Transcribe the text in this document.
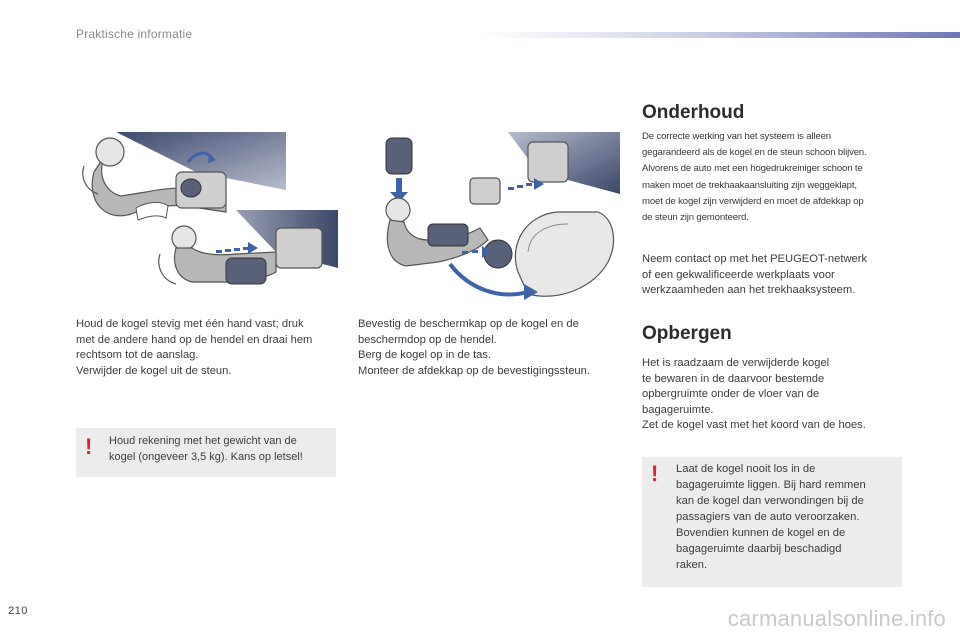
Praktische informatie

Houd de kogel stevig met één hand vast; druk

met de andere hand op de hendel en draai hem

rechtsom tot de aanslag.

Verwijder de kogel uit de steun.

! Houd rekening met het gewicht van de
kogel (ongeveer 3,5 kg). Kans op letsel!

Bevestig de beschermkap op de kogel en de

beschermdop op de hendel.

Berg de kogel op in de tas.

Monteer de afdekkap op de bevestigingssteun.

Onderhoud
De correcte werking van het systeem is alleen
gegarandeerd als de kogel en de steun schoon blijven.
Alvorens de auto met een hogedrukreiniger schoon te
maken moet de trekhaakaansluiting zijn weggeklapt,
moet de kogel zijn verwijderd en moet de afdekkap op
de steun zijn gemonteerd.

Neem contact op met het PEUGEOT-netwerk

of een gekwalificeerde werkplaats voor

werkzaamheden aan het trekhaaksysteem.

Opbergen

Het is raadzaam de verwijderde kogel

te bewaren in de daarvoor bestemde

opbergruimte onder de vloer van de

bagageruimte.

Zet de kogel vast met het koord van de hoes.

! Laat de kogel nooit los in de
bagageruimte liggen. Bij hard remmen
kan de kogel dan verwondingen bij de
passagiers van de auto veroorzaken.
Bovendien kunnen de kogel en de
bagageruimte daarbij beschadigd
raken.
210	carmanualsonline.info
